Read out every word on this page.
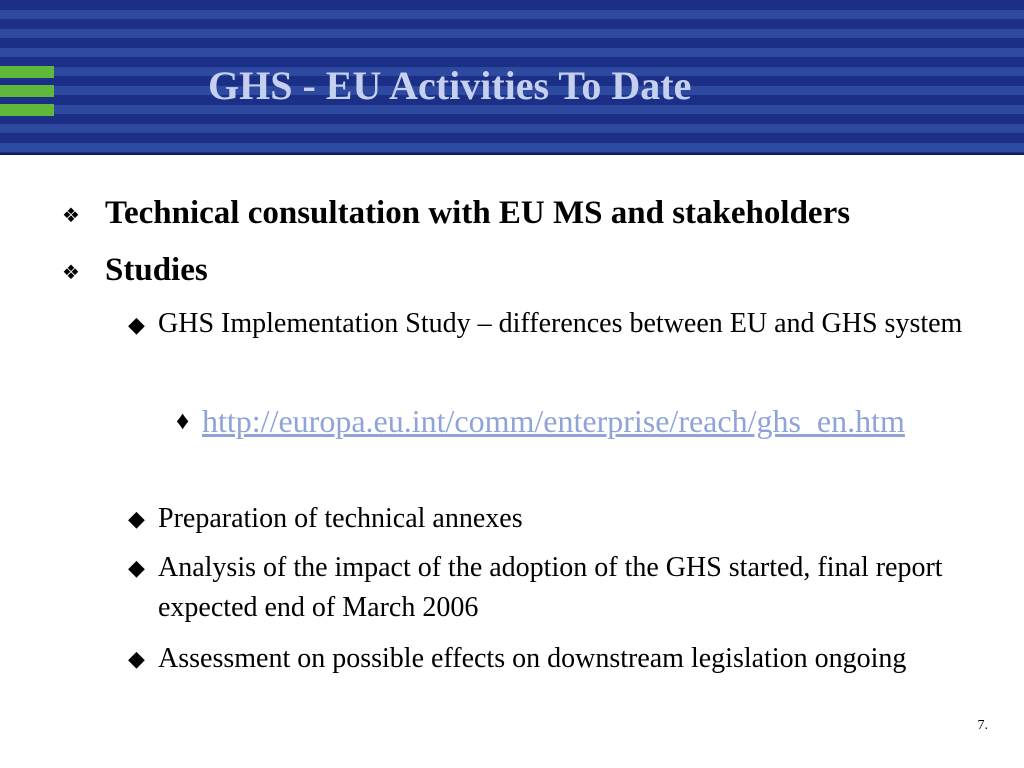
GHS - EU Activities To Date
❖ Technical consultation with EU MS and stakeholders
❖ Studies
◆ GHS Implementation Study – differences between EU and GHS system
♦ http://europa.eu.int/comm/enterprise/reach/ghs_en.htm
◆ Preparation of technical annexes
◆ Analysis of the impact of the adoption of the GHS started, final report expected end of March 2006
◆ Assessment on possible effects on downstream legislation ongoing
7.
